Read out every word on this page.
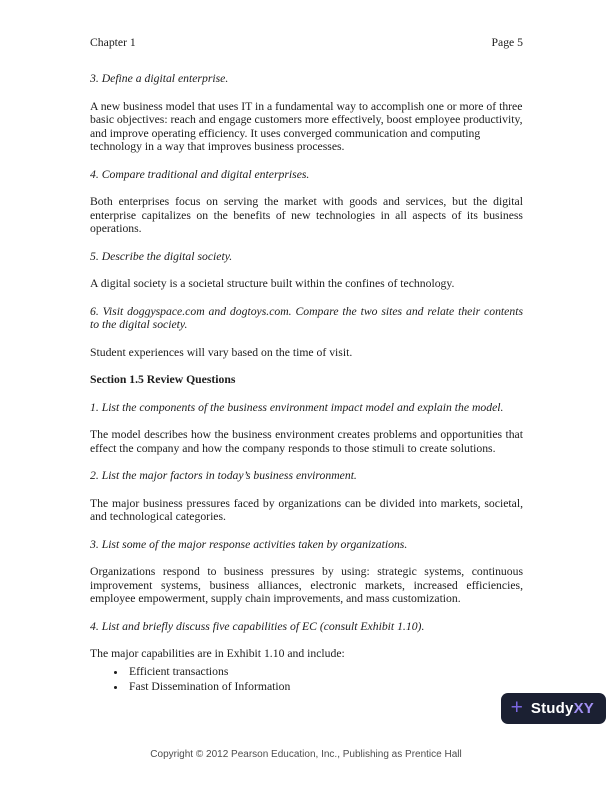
Chapter 1	Page 5

3. Define a digital enterprise.

A new business model that uses IT in a fundamental way to accomplish one or more of three basic objectives: reach and engage customers more effectively, boost employee productivity, and improve operating efficiency. It uses converged communication and computing technology in a way that improves business processes.

4. Compare traditional and digital enterprises.

Both enterprises focus on serving the market with goods and services, but the digital enterprise capitalizes on the benefits of new technologies in all aspects of its business operations.

5. Describe the digital society.

A digital society is a societal structure built within the confines of technology.

6. Visit doggyspace.com and dogtoys.com. Compare the two sites and relate their contents to the digital society.

Student experiences will vary based on the time of visit.

Section 1.5 Review Questions

1. List the components of the business environment impact model and explain the model.

The model describes how the business environment creates problems and opportunities that effect the company and how the company responds to those stimuli to create solutions.

2. List the major factors in today’s business environment.

The major business pressures faced by organizations can be divided into markets, societal, and technological categories.

3. List some of the major response activities taken by organizations.

Organizations respond to business pressures by using: strategic systems, continuous improvement systems, business alliances, electronic markets, increased efficiencies, employee empowerment, supply chain improvements, and mass customization.

4. List and briefly discuss five capabilities of EC (consult Exhibit 1.10).

The major capabilities are in Exhibit 1.10 and include:

• Efficient transactions
• Fast Dissemination of Information
+ StudyXY
Copyright © 2012 Pearson Education, Inc., Publishing as Prentice Hall
